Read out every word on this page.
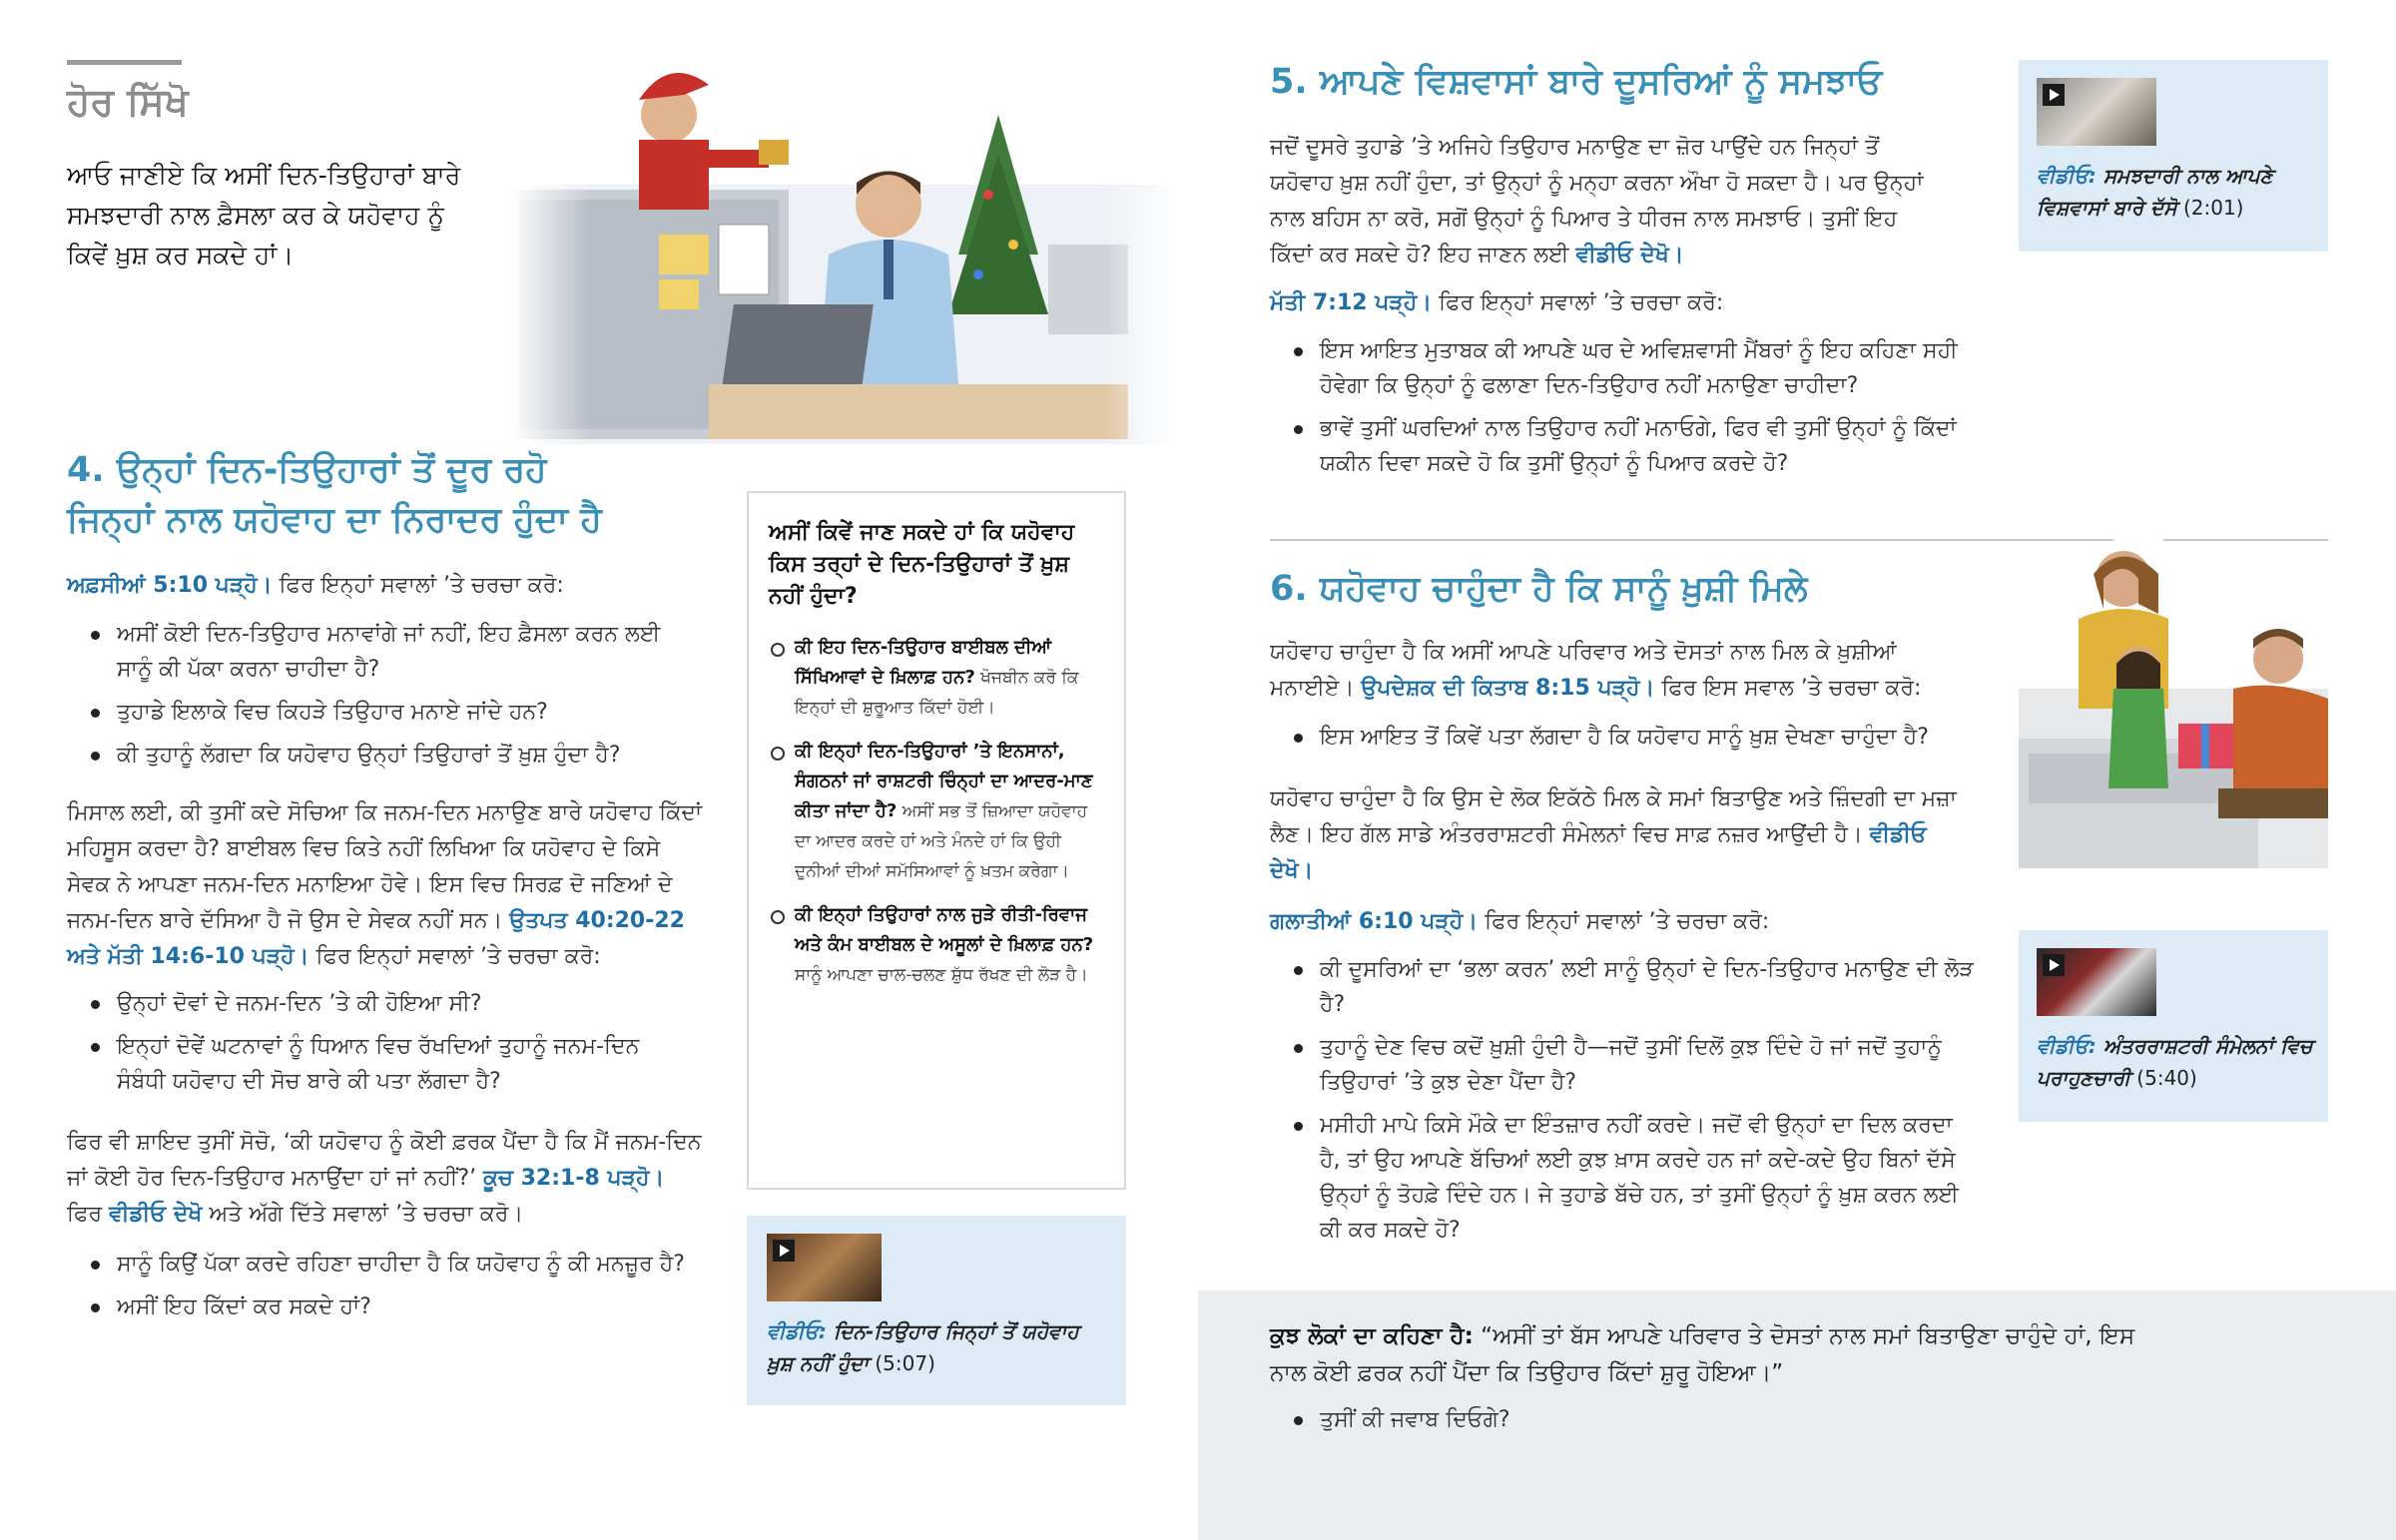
ਹੋਰ ਸਿੱਖੋ
ਆਓ ਜਾਣੀਏ ਕਿ ਅਸੀਂ ਦਿਨ-ਤਿਉਹਾਰਾਂ ਬਾਰੇ ਸਮਝਦਾਰੀ ਨਾਲ ਫ਼ੈਸਲਾ ਕਰ ਕੇ ਯਹੋਵਾਹ ਨੂੰ ਕਿਵੇਂ ਖ਼ੁਸ਼ ਕਰ ਸਕਦੇ ਹਾਂ।
4. ਉਨ੍ਹਾਂ ਦਿਨ-ਤਿਉਹਾਰਾਂ ਤੋਂ ਦੂਰ ਰਹੋ
ਜਿਨ੍ਹਾਂ ਨਾਲ ਯਹੋਵਾਹ ਦਾ ਨਿਰਾਦਰ ਹੁੰਦਾ ਹੈ

ਅਫ਼ਸੀਆਂ 5:10 ਪੜ੍ਹੋ। ਫਿਰ ਇਨ੍ਹਾਂ ਸਵਾਲਾਂ ’ਤੇ ਚਰਚਾ ਕਰੋ:

ਅਸੀਂ ਕੋਈ ਦਿਨ-ਤਿਉਹਾਰ ਮਨਾਵਾਂਗੇ ਜਾਂ ਨਹੀਂ, ਇਹ ਫ਼ੈਸਲਾ ਕਰਨ ਲਈ ਸਾਨੂੰ ਕੀ ਪੱਕਾ ਕਰਨਾ ਚਾਹੀਦਾ ਹੈ?
ਤੁਹਾਡੇ ਇਲਾਕੇ ਵਿਚ ਕਿਹੜੇ ਤਿਉਹਾਰ ਮਨਾਏ ਜਾਂਦੇ ਹਨ?
ਕੀ ਤੁਹਾਨੂੰ ਲੱਗਦਾ ਕਿ ਯਹੋਵਾਹ ਉਨ੍ਹਾਂ ਤਿਉਹਾਰਾਂ ਤੋਂ ਖ਼ੁਸ਼ ਹੁੰਦਾ ਹੈ?

ਮਿਸਾਲ ਲਈ, ਕੀ ਤੁਸੀਂ ਕਦੇ ਸੋਚਿਆ ਕਿ ਜਨਮ-ਦਿਨ ਮਨਾਉਣ ਬਾਰੇ ਯਹੋਵਾਹ ਕਿੱਦਾਂ ਮਹਿਸੂਸ ਕਰਦਾ ਹੈ? ਬਾਈਬਲ ਵਿਚ ਕਿਤੇ ਨਹੀਂ ਲਿਖਿਆ ਕਿ ਯਹੋਵਾਹ ਦੇ ਕਿਸੇ ਸੇਵਕ ਨੇ ਆਪਣਾ ਜਨਮ-ਦਿਨ ਮਨਾਇਆ ਹੋਵੇ। ਇਸ ਵਿਚ ਸਿਰਫ਼ ਦੋ ਜਣਿਆਂ ਦੇ ਜਨਮ-ਦਿਨ ਬਾਰੇ ਦੱਸਿਆ ਹੈ ਜੋ ਉਸ ਦੇ ਸੇਵਕ ਨਹੀਂ ਸਨ। ਉਤਪਤ 40:20-22 ਅਤੇ ਮੱਤੀ 14:6-10 ਪੜ੍ਹੋ। ਫਿਰ ਇਨ੍ਹਾਂ ਸਵਾਲਾਂ ’ਤੇ ਚਰਚਾ ਕਰੋ:

ਉਨ੍ਹਾਂ ਦੋਵਾਂ ਦੇ ਜਨਮ-ਦਿਨ ’ਤੇ ਕੀ ਹੋਇਆ ਸੀ?
ਇਨ੍ਹਾਂ ਦੋਵੇਂ ਘਟਨਾਵਾਂ ਨੂੰ ਧਿਆਨ ਵਿਚ ਰੱਖਦਿਆਂ ਤੁਹਾਨੂੰ ਜਨਮ-ਦਿਨ ਸੰਬੰਧੀ ਯਹੋਵਾਹ ਦੀ ਸੋਚ ਬਾਰੇ ਕੀ ਪਤਾ ਲੱਗਦਾ ਹੈ?

ਫਿਰ ਵੀ ਸ਼ਾਇਦ ਤੁਸੀਂ ਸੋਚੋ, ‘ਕੀ ਯਹੋਵਾਹ ਨੂੰ ਕੋਈ ਫ਼ਰਕ ਪੈਂਦਾ ਹੈ ਕਿ ਮੈਂ ਜਨਮ-ਦਿਨ ਜਾਂ ਕੋਈ ਹੋਰ ਦਿਨ-ਤਿਉਹਾਰ ਮਨਾਉਂਦਾ ਹਾਂ ਜਾਂ ਨਹੀਂ?’ ਕੂਚ 32:1-8 ਪੜ੍ਹੋ। ਫਿਰ ਵੀਡੀਓ ਦੇਖੋ ਅਤੇ ਅੱਗੇ ਦਿੱਤੇ ਸਵਾਲਾਂ ’ਤੇ ਚਰਚਾ ਕਰੋ।

ਸਾਨੂੰ ਕਿਉਂ ਪੱਕਾ ਕਰਦੇ ਰਹਿਣਾ ਚਾਹੀਦਾ ਹੈ ਕਿ ਯਹੋਵਾਹ ਨੂੰ ਕੀ ਮਨਜ਼ੂਰ ਹੈ?
ਅਸੀਂ ਇਹ ਕਿੱਦਾਂ ਕਰ ਸਕਦੇ ਹਾਂ?
ਅਸੀਂ ਕਿਵੇਂ ਜਾਣ ਸਕਦੇ ਹਾਂ ਕਿ ਯਹੋਵਾਹ ਕਿਸ ਤਰ੍ਹਾਂ ਦੇ ਦਿਨ-ਤਿਉਹਾਰਾਂ ਤੋਂ ਖ਼ੁਸ਼ ਨਹੀਂ ਹੁੰਦਾ?
ਕੀ ਇਹ ਦਿਨ-ਤਿਉਹਾਰ ਬਾਈਬਲ ਦੀਆਂ ਸਿੱਖਿਆਵਾਂ ਦੇ ਖ਼ਿਲਾਫ਼ ਹਨ? ਖੋਜਬੀਨ ਕਰੋ ਕਿ ਇਨ੍ਹਾਂ ਦੀ ਸ਼ੁਰੂਆਤ ਕਿੱਦਾਂ ਹੋਈ।
ਕੀ ਇਨ੍ਹਾਂ ਦਿਨ-ਤਿਉਹਾਰਾਂ ’ਤੇ ਇਨਸਾਨਾਂ, ਸੰਗਠਨਾਂ ਜਾਂ ਰਾਸ਼ਟਰੀ ਚਿੰਨ੍ਹਾਂ ਦਾ ਆਦਰ-ਮਾਣ ਕੀਤਾ ਜਾਂਦਾ ਹੈ? ਅਸੀਂ ਸਭ ਤੋਂ ਜ਼ਿਆਦਾ ਯਹੋਵਾਹ ਦਾ ਆਦਰ ਕਰਦੇ ਹਾਂ ਅਤੇ ਮੰਨਦੇ ਹਾਂ ਕਿ ਉਹੀ ਦੁਨੀਆਂ ਦੀਆਂ ਸਮੱਸਿਆਵਾਂ ਨੂੰ ਖ਼ਤਮ ਕਰੇਗਾ।
ਕੀ ਇਨ੍ਹਾਂ ਤਿਉਹਾਰਾਂ ਨਾਲ ਜੁੜੇ ਰੀਤੀ-ਰਿਵਾਜ ਅਤੇ ਕੰਮ ਬਾਈਬਲ ਦੇ ਅਸੂਲਾਂ ਦੇ ਖ਼ਿਲਾਫ਼ ਹਨ? ਸਾਨੂੰ ਆਪਣਾ ਚਾਲ-ਚਲਣ ਸ਼ੁੱਧ ਰੱਖਣ ਦੀ ਲੋੜ ਹੈ।
ਵੀਡੀਓ: ਦਿਨ-ਤਿਉਹਾਰ ਜਿਨ੍ਹਾਂ ਤੋਂ ਯਹੋਵਾਹ ਖ਼ੁਸ਼ ਨਹੀਂ ਹੁੰਦਾ (5:07)
5. ਆਪਣੇ ਵਿਸ਼ਵਾਸਾਂ ਬਾਰੇ ਦੂਸਰਿਆਂ ਨੂੰ ਸਮਝਾਓ

ਜਦੋਂ ਦੂਸਰੇ ਤੁਹਾਡੇ ’ਤੇ ਅਜਿਹੇ ਤਿਉਹਾਰ ਮਨਾਉਣ ਦਾ ਜ਼ੋਰ ਪਾਉਂਦੇ ਹਨ ਜਿਨ੍ਹਾਂ ਤੋਂ ਯਹੋਵਾਹ ਖ਼ੁਸ਼ ਨਹੀਂ ਹੁੰਦਾ, ਤਾਂ ਉਨ੍ਹਾਂ ਨੂੰ ਮਨ੍ਹਾ ਕਰਨਾ ਔਖਾ ਹੋ ਸਕਦਾ ਹੈ। ਪਰ ਉਨ੍ਹਾਂ ਨਾਲ ਬਹਿਸ ਨਾ ਕਰੋ, ਸਗੋਂ ਉਨ੍ਹਾਂ ਨੂੰ ਪਿਆਰ ਤੇ ਧੀਰਜ ਨਾਲ ਸਮਝਾਓ। ਤੁਸੀਂ ਇਹ ਕਿੱਦਾਂ ਕਰ ਸਕਦੇ ਹੋ? ਇਹ ਜਾਣਨ ਲਈ ਵੀਡੀਓ ਦੇਖੋ।

ਮੱਤੀ 7:12 ਪੜ੍ਹੋ। ਫਿਰ ਇਨ੍ਹਾਂ ਸਵਾਲਾਂ ’ਤੇ ਚਰਚਾ ਕਰੋ:

ਇਸ ਆਇਤ ਮੁਤਾਬਕ ਕੀ ਆਪਣੇ ਘਰ ਦੇ ਅਵਿਸ਼ਵਾਸੀ ਮੈਂਬਰਾਂ ਨੂੰ ਇਹ ਕਹਿਣਾ ਸਹੀ ਹੋਵੇਗਾ ਕਿ ਉਨ੍ਹਾਂ ਨੂੰ ਫਲਾਣਾ ਦਿਨ-ਤਿਉਹਾਰ ਨਹੀਂ ਮਨਾਉਣਾ ਚਾਹੀਦਾ?
ਭਾਵੇਂ ਤੁਸੀਂ ਘਰਦਿਆਂ ਨਾਲ ਤਿਉਹਾਰ ਨਹੀਂ ਮਨਾਓਗੇ, ਫਿਰ ਵੀ ਤੁਸੀਂ ਉਨ੍ਹਾਂ ਨੂੰ ਕਿੱਦਾਂ ਯਕੀਨ ਦਿਵਾ ਸਕਦੇ ਹੋ ਕਿ ਤੁਸੀਂ ਉਨ੍ਹਾਂ ਨੂੰ ਪਿਆਰ ਕਰਦੇ ਹੋ?
ਵੀਡੀਓ: ਸਮਝਦਾਰੀ ਨਾਲ ਆਪਣੇ ਵਿਸ਼ਵਾਸਾਂ ਬਾਰੇ ਦੱਸੋ (2:01)
6. ਯਹੋਵਾਹ ਚਾਹੁੰਦਾ ਹੈ ਕਿ ਸਾਨੂੰ ਖ਼ੁਸ਼ੀ ਮਿਲੇ

ਯਹੋਵਾਹ ਚਾਹੁੰਦਾ ਹੈ ਕਿ ਅਸੀਂ ਆਪਣੇ ਪਰਿਵਾਰ ਅਤੇ ਦੋਸਤਾਂ ਨਾਲ ਮਿਲ ਕੇ ਖ਼ੁਸ਼ੀਆਂ ਮਨਾਈਏ। ਉਪਦੇਸ਼ਕ ਦੀ ਕਿਤਾਬ 8:15 ਪੜ੍ਹੋ। ਫਿਰ ਇਸ ਸਵਾਲ ’ਤੇ ਚਰਚਾ ਕਰੋ:

ਇਸ ਆਇਤ ਤੋਂ ਕਿਵੇਂ ਪਤਾ ਲੱਗਦਾ ਹੈ ਕਿ ਯਹੋਵਾਹ ਸਾਨੂੰ ਖ਼ੁਸ਼ ਦੇਖਣਾ ਚਾਹੁੰਦਾ ਹੈ?

ਯਹੋਵਾਹ ਚਾਹੁੰਦਾ ਹੈ ਕਿ ਉਸ ਦੇ ਲੋਕ ਇਕੱਠੇ ਮਿਲ ਕੇ ਸਮਾਂ ਬਿਤਾਉਣ ਅਤੇ ਜ਼ਿੰਦਗੀ ਦਾ ਮਜ਼ਾ ਲੈਣ। ਇਹ ਗੱਲ ਸਾਡੇ ਅੰਤਰਰਾਸ਼ਟਰੀ ਸੰਮੇਲਨਾਂ ਵਿਚ ਸਾਫ਼ ਨਜ਼ਰ ਆਉਂਦੀ ਹੈ। ਵੀਡੀਓ ਦੇਖੋ।

ਗਲਾਤੀਆਂ 6:10 ਪੜ੍ਹੋ। ਫਿਰ ਇਨ੍ਹਾਂ ਸਵਾਲਾਂ ’ਤੇ ਚਰਚਾ ਕਰੋ:

ਕੀ ਦੂਸਰਿਆਂ ਦਾ ‘ਭਲਾ ਕਰਨ’ ਲਈ ਸਾਨੂੰ ਉਨ੍ਹਾਂ ਦੇ ਦਿਨ-ਤਿਉਹਾਰ ਮਨਾਉਣ ਦੀ ਲੋੜ ਹੈ?
ਤੁਹਾਨੂੰ ਦੇਣ ਵਿਚ ਕਦੋਂ ਖ਼ੁਸ਼ੀ ਹੁੰਦੀ ਹੈ—ਜਦੋਂ ਤੁਸੀਂ ਦਿਲੋਂ ਕੁਝ ਦਿੰਦੇ ਹੋ ਜਾਂ ਜਦੋਂ ਤੁਹਾਨੂੰ ਤਿਉਹਾਰਾਂ ’ਤੇ ਕੁਝ ਦੇਣਾ ਪੈਂਦਾ ਹੈ?
ਮਸੀਹੀ ਮਾਪੇ ਕਿਸੇ ਮੌਕੇ ਦਾ ਇੰਤਜ਼ਾਰ ਨਹੀਂ ਕਰਦੇ। ਜਦੋਂ ਵੀ ਉਨ੍ਹਾਂ ਦਾ ਦਿਲ ਕਰਦਾ ਹੈ, ਤਾਂ ਉਹ ਆਪਣੇ ਬੱਚਿਆਂ ਲਈ ਕੁਝ ਖ਼ਾਸ ਕਰਦੇ ਹਨ ਜਾਂ ਕਦੇ-ਕਦੇ ਉਹ ਬਿਨਾਂ ਦੱਸੇ ਉਨ੍ਹਾਂ ਨੂੰ ਤੋਹਫ਼ੇ ਦਿੰਦੇ ਹਨ। ਜੇ ਤੁਹਾਡੇ ਬੱਚੇ ਹਨ, ਤਾਂ ਤੁਸੀਂ ਉਨ੍ਹਾਂ ਨੂੰ ਖ਼ੁਸ਼ ਕਰਨ ਲਈ ਕੀ ਕਰ ਸਕਦੇ ਹੋ?
ਵੀਡੀਓ: ਅੰਤਰਰਾਸ਼ਟਰੀ ਸੰਮੇਲਨਾਂ ਵਿਚ ਪਰਾਹੁਣਚਾਰੀ (5:40)

ਕੁਝ ਲੋਕਾਂ ਦਾ ਕਹਿਣਾ ਹੈ: “ਅਸੀਂ ਤਾਂ ਬੱਸ ਆਪਣੇ ਪਰਿਵਾਰ ਤੇ ਦੋਸਤਾਂ ਨਾਲ ਸਮਾਂ ਬਿਤਾਉਣਾ ਚਾਹੁੰਦੇ ਹਾਂ, ਇਸ ਨਾਲ ਕੋਈ ਫ਼ਰਕ ਨਹੀਂ ਪੈਂਦਾ ਕਿ ਤਿਉਹਾਰ ਕਿੱਦਾਂ ਸ਼ੁਰੂ ਹੋਇਆ।”

ਤੁਸੀਂ ਕੀ ਜਵਾਬ ਦਿਓਗੇ?
